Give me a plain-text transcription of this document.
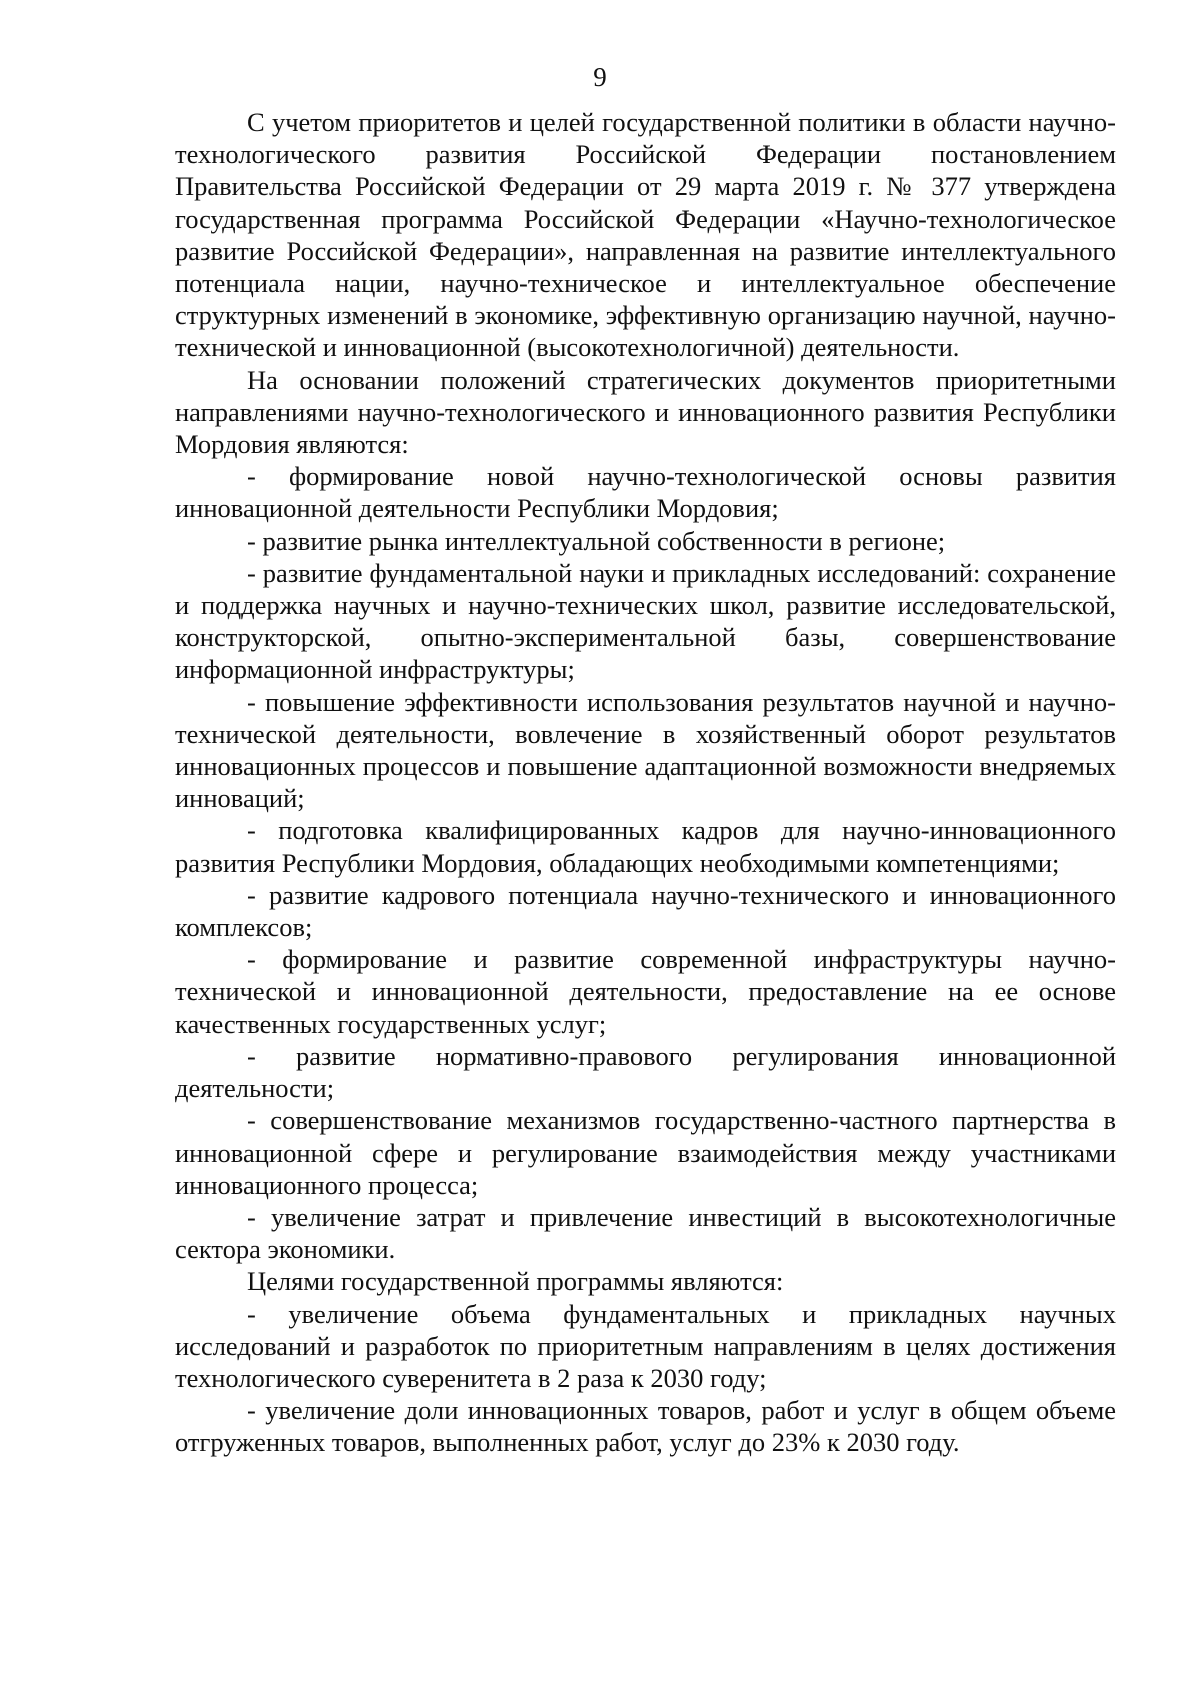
9

С учетом приоритетов и целей государственной политики в области научно-технологического развития Российской Федерации постановлением Правительства Российской Федерации от 29 марта 2019 г. № 377 утверждена государственная программа Российской Федерации «Научно-технологическое развитие Российской Федерации», направленная на развитие интеллектуального потенциала нации, научно-техническое и интеллектуальное обеспечение структурных изменений в экономике, эффективную организацию научной, научно-технической и инновационной (высокотехнологичной) деятельности.

На основании положений стратегических документов приоритетными направлениями научно-технологического и инновационного развития Республики Мордовия являются:

- формирование новой научно-технологической основы развития инновационной деятельности Республики Мордовия;

- развитие рынка интеллектуальной собственности в регионе;

- развитие фундаментальной науки и прикладных исследований: сохранение и поддержка научных и научно-технических школ, развитие исследовательской, конструкторской, опытно-экспериментальной базы, совершенствование информационной инфраструктуры;

- повышение эффективности использования результатов научной и научно-технической деятельности, вовлечение в хозяйственный оборот результатов инновационных процессов и повышение адаптационной возможности внедряемых инноваций;

- подготовка квалифицированных кадров для научно-инновационного развития Республики Мордовия, обладающих необходимыми компетенциями;

- развитие кадрового потенциала научно-технического и инновационного комплексов;

- формирование и развитие современной инфраструктуры научно-технической и инновационной деятельности, предоставление на ее основе качественных государственных услуг;

- развитие нормативно-правового регулирования инновационной деятельности;

- совершенствование механизмов государственно-частного партнерства в инновационной сфере и регулирование взаимодействия между участниками инновационного процесса;

- увеличение затрат и привлечение инвестиций в высокотехнологичные сектора экономики.

Целями государственной программы являются:

- увеличение объема фундаментальных и прикладных научных исследований и разработок по приоритетным направлениям в целях достижения технологического суверенитета в 2 раза к 2030 году;

- увеличение доли инновационных товаров, работ и услуг в общем объеме отгруженных товаров, выполненных работ, услуг до 23% к 2030 году.
